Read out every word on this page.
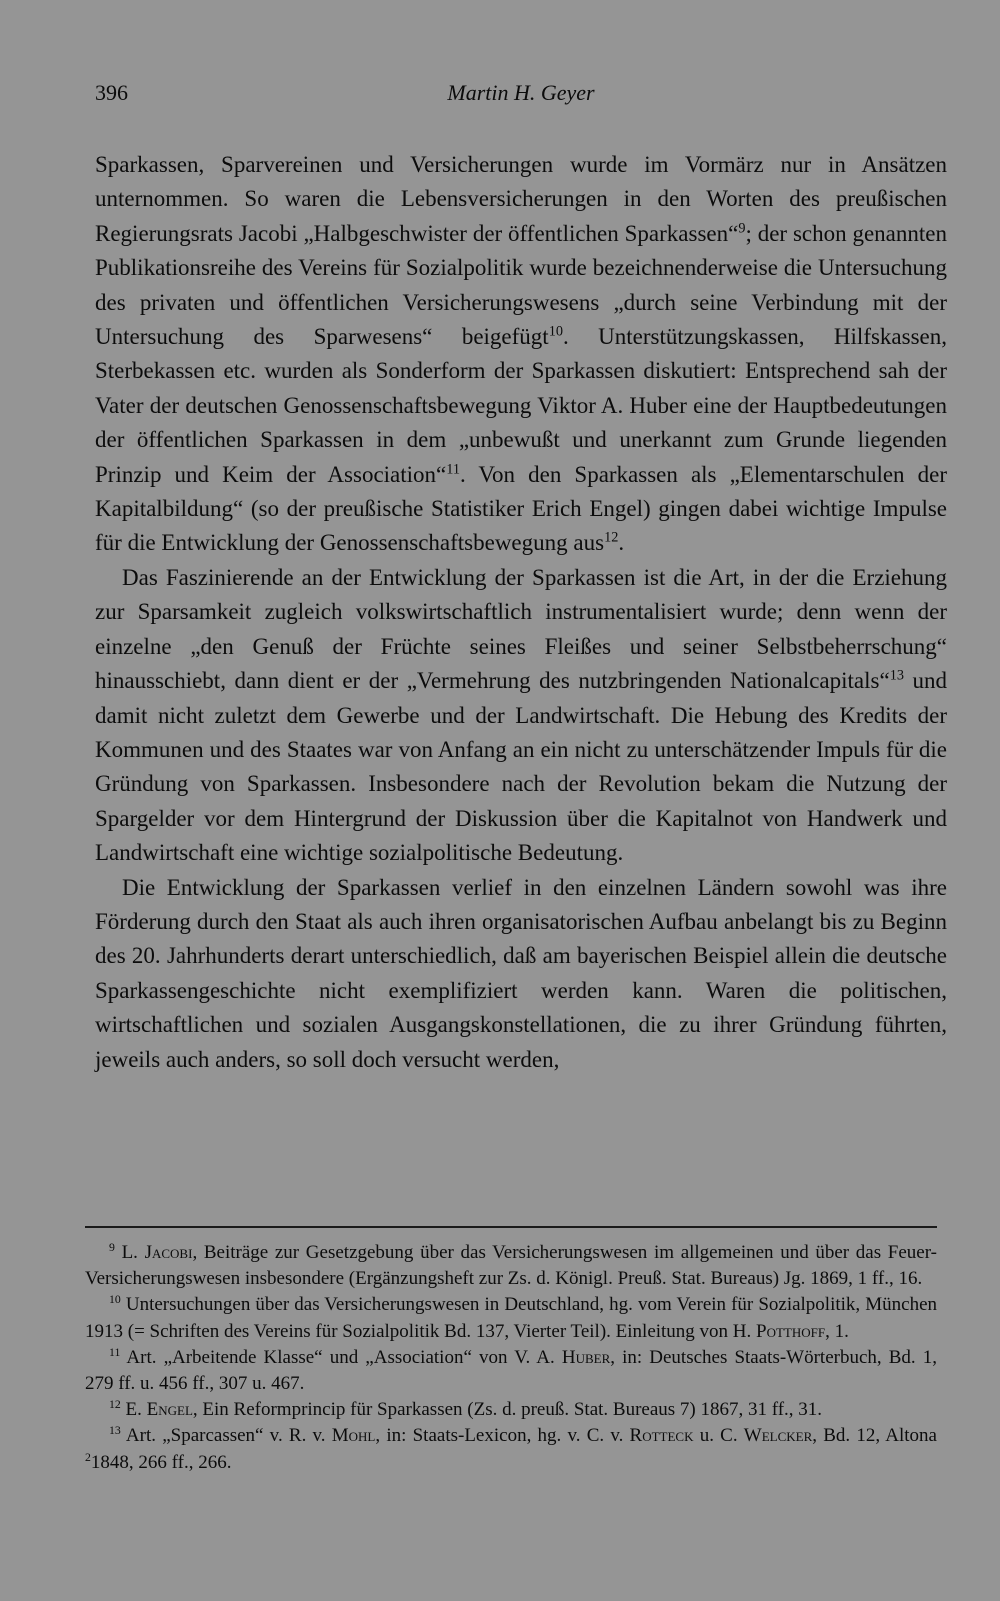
396	Martin H. Geyer

Sparkassen, Sparvereinen und Versicherungen wurde im Vormärz nur in Ansätzen unternommen. So waren die Lebensversicherungen in den Worten des preußischen Regierungsrats Jacobi „Halbgeschwister der öffentlichen Sparkassen“$^9$; der schon genannten Publikationsreihe des Vereins für Sozialpolitik wurde bezeichnenderweise die Untersuchung des privaten und öffentlichen Versicherungswesens „durch seine Verbindung mit der Untersuchung des Sparwesens“ beigefügt$^{10}$. Unterstützungskassen, Hilfskassen, Sterbekassen etc. wurden als Sonderform der Sparkassen diskutiert: Entsprechend sah der Vater der deutschen Genossenschaftsbewegung Viktor A. Huber eine der Hauptbedeutungen der öffentlichen Sparkassen in dem „unbewußt und unerkannt zum Grunde liegenden Prinzip und Keim der Association“$^{11}$. Von den Sparkassen als „Elementarschulen der Kapitalbildung“ (so der preußische Statistiker Erich Engel) gingen dabei wichtige Impulse für die Entwicklung der Genossenschaftsbewegung aus$^{12}$.

Das Faszinierende an der Entwicklung der Sparkassen ist die Art, in der die Erziehung zur Sparsamkeit zugleich volkswirtschaftlich instrumentalisiert wurde; denn wenn der einzelne „den Genuß der Früchte seines Fleißes und seiner Selbstbeherrschung“ hinausschiebt, dann dient er der „Vermehrung des nutzbringenden Nationalcapitals“$^{13}$ und damit nicht zuletzt dem Gewerbe und der Landwirtschaft. Die Hebung des Kredits der Kommunen und des Staates war von Anfang an ein nicht zu unterschätzender Impuls für die Gründung von Sparkassen. Insbesondere nach der Revolution bekam die Nutzung der Spargelder vor dem Hintergrund der Diskussion über die Kapitalnot von Handwerk und Landwirtschaft eine wichtige sozialpolitische Bedeutung.

Die Entwicklung der Sparkassen verlief in den einzelnen Ländern sowohl was ihre Förderung durch den Staat als auch ihren organisatorischen Aufbau anbelangt bis zu Beginn des 20. Jahrhunderts derart unterschiedlich, daß am bayerischen Beispiel allein die deutsche Sparkassengeschichte nicht exemplifiziert werden kann. Waren die politischen, wirtschaftlichen und sozialen Ausgangskonstellationen, die zu ihrer Gründung führten, jeweils auch anders, so soll doch versucht werden,

$^9$ L. Jacobi, Beiträge zur Gesetzgebung über das Versicherungswesen im allgemeinen und über das Feuer-Versicherungswesen insbesondere (Ergänzungsheft zur Zs. d. Königl. Preuß. Stat. Bureaus) Jg. 1869, 1 ff., 16.

$^{10}$ Untersuchungen über das Versicherungswesen in Deutschland, hg. vom Verein für Sozialpolitik, München 1913 (= Schriften des Vereins für Sozialpolitik Bd. 137, Vierter Teil). Einleitung von H. Potthoff, 1.

$^{11}$ Art. „Arbeitende Klasse“ und „Association“ von V. A. Huber, in: Deutsches Staats-Wörterbuch, Bd. 1, 279 ff. u. 456 ff., 307 u. 467.

$^{12}$ E. Engel, Ein Reformprincip für Sparkassen (Zs. d. preuß. Stat. Bureaus 7) 1867, 31 ff., 31.

$^{13}$ Art. „Sparcassen“ v. R. v. Mohl, in: Staats-Lexicon, hg. v. C. v. Rotteck u. C. Welcker, Bd. 12, Altona $^2$1848, 266 ff., 266.
